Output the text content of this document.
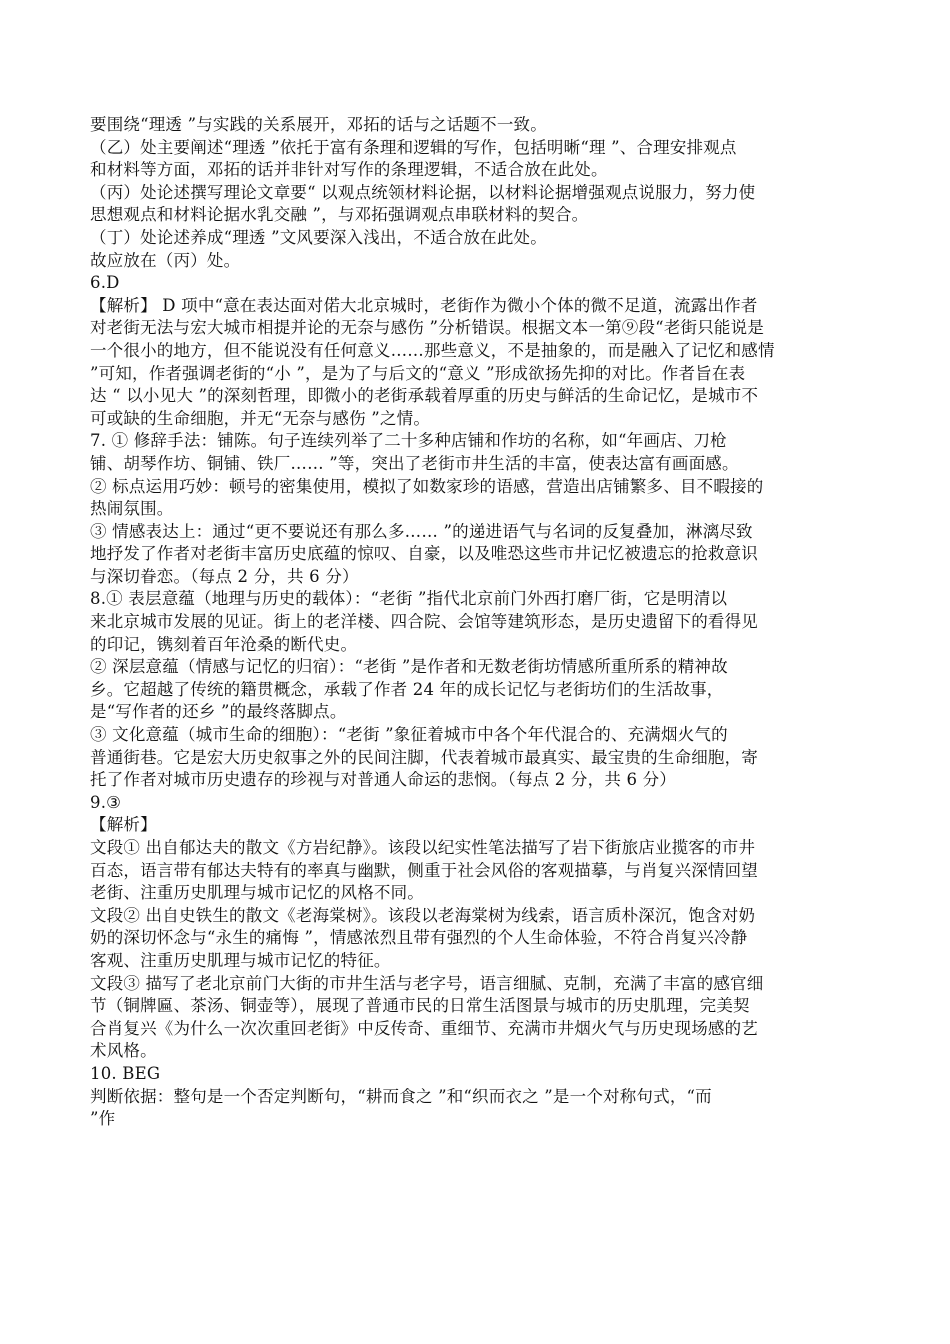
要围绕“理透 ”与实践的关系展开，邓拓的话与之话题不一致。
（乙）处主要阐述“理透 ”依托于富有条理和逻辑的写作，包括明晰“理 ”、合理安排观点
和材料等方面，邓拓的话并非针对写作的条理逻辑，不适合放在此处。
（丙）处论述撰写理论文章要“ 以观点统领材料论据，以材料论据增强观点说服力，努力使
思想观点和材料论据水乳交融 ”，与邓拓强调观点串联材料的契合。
（丁）处论述养成“理透 ”文风要深入浅出，不适合放在此处。
故应放在（丙）处。
6.D
【解析】 D 项中“意在表达面对偌大北京城时，老街作为微小个体的微不足道，流露出作者
对老街无法与宏大城市相提并论的无奈与感伤 ”分析错误。根据文本一第⑨段“老街只能说是
一个很小的地方，但不能说没有任何意义……那些意义，不是抽象的，而是融入了记忆和感情
”可知，作者强调老街的“小 ”，是为了与后文的“意义 ”形成欲扬先抑的对比。作者旨在表
达 “ 以小见大 ”的深刻哲理，即微小的老街承载着厚重的历史与鲜活的生命记忆，是城市不
可或缺的生命细胞，并无“无奈与感伤 ”之情。
7. ① 修辞手法：铺陈。句子连续列举了二十多种店铺和作坊的名称，如“年画店、刀枪
铺、胡琴作坊、铜铺、铁厂…… ”等，突出了老街市井生活的丰富，使表达富有画面感。
② 标点运用巧妙：顿号的密集使用，模拟了如数家珍的语感，营造出店铺繁多、目不暇接的
热闹氛围。
③ 情感表达上：通过“更不要说还有那么多…… ”的递进语气与名词的反复叠加，淋漓尽致
地抒发了作者对老街丰富历史底蕴的惊叹、自豪，以及唯恐这些市井记忆被遗忘的抢救意识
与深切眷恋。（每点 2 分，共 6 分）
8.① 表层意蕴（地理与历史的载体）：“老街 ”指代北京前门外西打磨厂街，它是明清以
来北京城市发展的见证。街上的老洋楼、四合院、会馆等建筑形态，是历史遗留下的看得见
的印记，镌刻着百年沧桑的断代史。
② 深层意蕴（情感与记忆的归宿）：“老街 ”是作者和无数老街坊情感所重所系的精神故
乡。它超越了传统的籍贯概念，承载了作者 24 年的成长记忆与老街坊们的生活故事，
是“写作者的还乡 ”的最终落脚点。
③ 文化意蕴（城市生命的细胞）：“老街 ”象征着城市中各个年代混合的、充满烟火气的
普通街巷。它是宏大历史叙事之外的民间注脚，代表着城市最真实、最宝贵的生命细胞，寄
托了作者对城市历史遗存的珍视与对普通人命运的悲悯。（每点 2 分，共 6 分）
9.③
【解析】
文段① 出自郁达夫的散文《方岩纪静》。该段以纪实性笔法描写了岩下街旅店业揽客的市井
百态，语言带有郁达夫特有的率真与幽默，侧重于社会风俗的客观描摹，与肖复兴深情回望
老街、注重历史肌理与城市记忆的风格不同。
文段② 出自史铁生的散文《老海棠树》。该段以老海棠树为线索，语言质朴深沉，饱含对奶
奶的深切怀念与“永生的痛悔 ”，情感浓烈且带有强烈的个人生命体验，不符合肖复兴冷静
客观、注重历史肌理与城市记忆的特征。
文段③ 描写了老北京前门大街的市井生活与老字号，语言细腻、克制，充满了丰富的感官细
节（铜牌匾、茶汤、铜壶等），展现了普通市民的日常生活图景与城市的历史肌理，完美契
合肖复兴《为什么一次次重回老街》中反传奇、重细节、充满市井烟火气与历史现场感的艺
术风格。
10. BEG
判断依据：整句是一个否定判断句，“耕而食之 ”和“织而衣之 ”是一个对称句式，“而
”作
